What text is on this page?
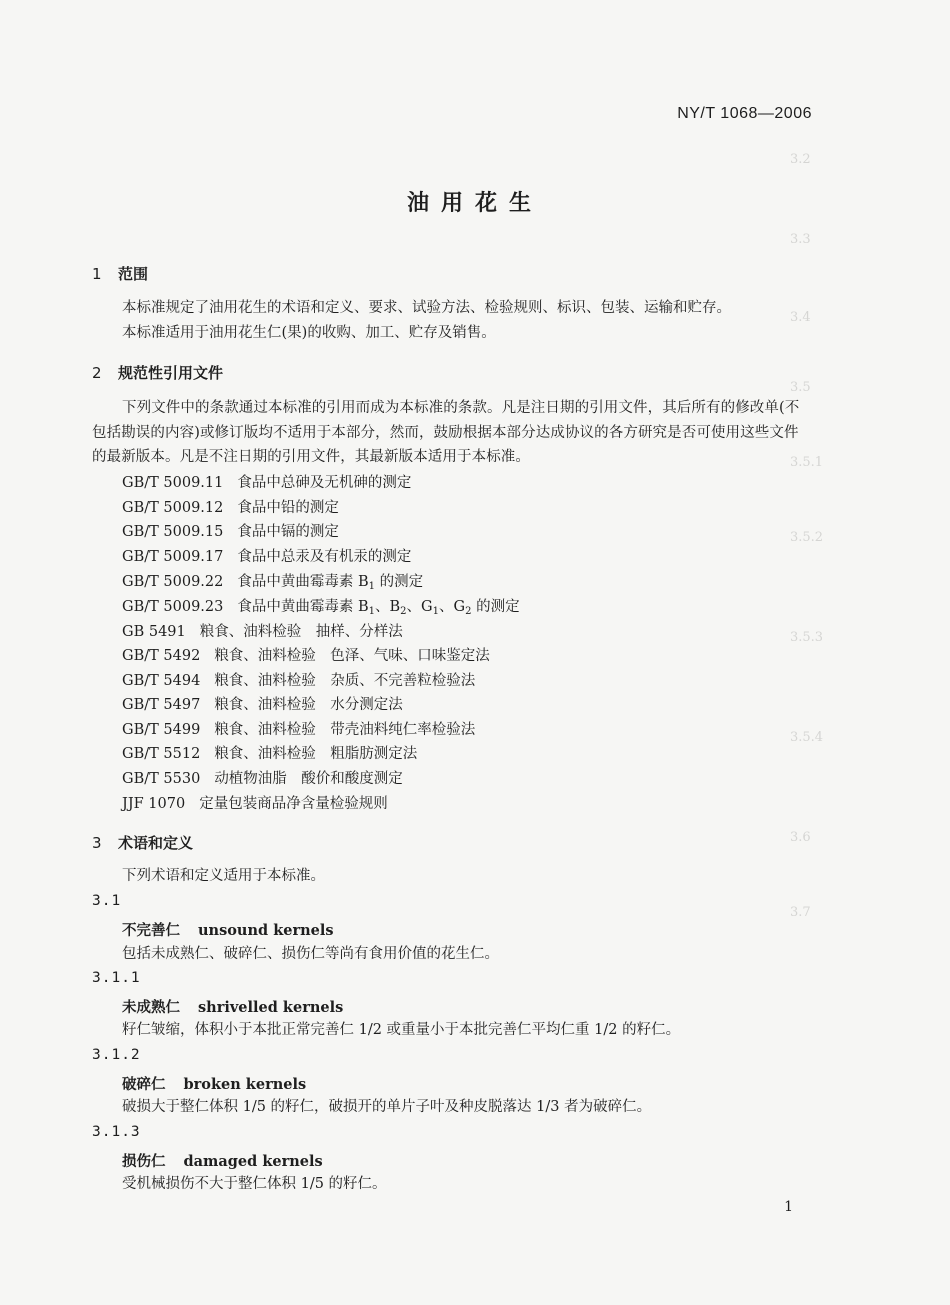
3.2
3.3
3.4
3.5
3.5.1
3.5.2
3.5.3
3.5.4
3.6
3.7
NY/T 1068—2006
油用花生
1 范围
本标准规定了油用花生的术语和定义、要求、试验方法、检验规则、标识、包装、运输和贮存。
本标准适用于油用花生仁(果)的收购、加工、贮存及销售。
2 规范性引用文件
下列文件中的条款通过本标准的引用而成为本标准的条款。凡是注日期的引用文件，其后所有的修改单(不包括勘误的内容)或修订版均不适用于本部分，然而，鼓励根据本部分达成协议的各方研究是否可使用这些文件的最新版本。凡是不注日期的引用文件，其最新版本适用于本标准。
GB/T 5009.11 食品中总砷及无机砷的测定
GB/T 5009.12 食品中铅的测定
GB/T 5009.15 食品中镉的测定
GB/T 5009.17 食品中总汞及有机汞的测定
GB/T 5009.22 食品中黄曲霉毒素 $B_1$ 的测定
GB/T 5009.23 食品中黄曲霉毒素 $B_1$、$B_2$、$G_1$、$G_2$ 的测定
GB 5491 粮食、油料检验　抽样、分样法
GB/T 5492 粮食、油料检验　色泽、气味、口味鉴定法
GB/T 5494 粮食、油料检验　杂质、不完善粒检验法
GB/T 5497 粮食、油料检验　水分测定法
GB/T 5499 粮食、油料检验　带壳油料纯仁率检验法
GB/T 5512 粮食、油料检验　粗脂肪测定法
GB/T 5530 动植物油脂　酸价和酸度测定
JJF 1070 定量包装商品净含量检验规则
3 术语和定义
下列术语和定义适用于本标准。
3.1
不完善仁 unsound kernels
包括未成熟仁、破碎仁、损伤仁等尚有食用价值的花生仁。
3.1.1
未成熟仁 shrivelled kernels
籽仁皱缩，体积小于本批正常完善仁 1/2 或重量小于本批完善仁平均仁重 1/2 的籽仁。
3.1.2
破碎仁 broken kernels
破损大于整仁体积 1/5 的籽仁，破损开的单片子叶及种皮脱落达 1/3 者为破碎仁。
3.1.3
损伤仁 damaged kernels
受机械损伤不大于整仁体积 1/5 的籽仁。
1
